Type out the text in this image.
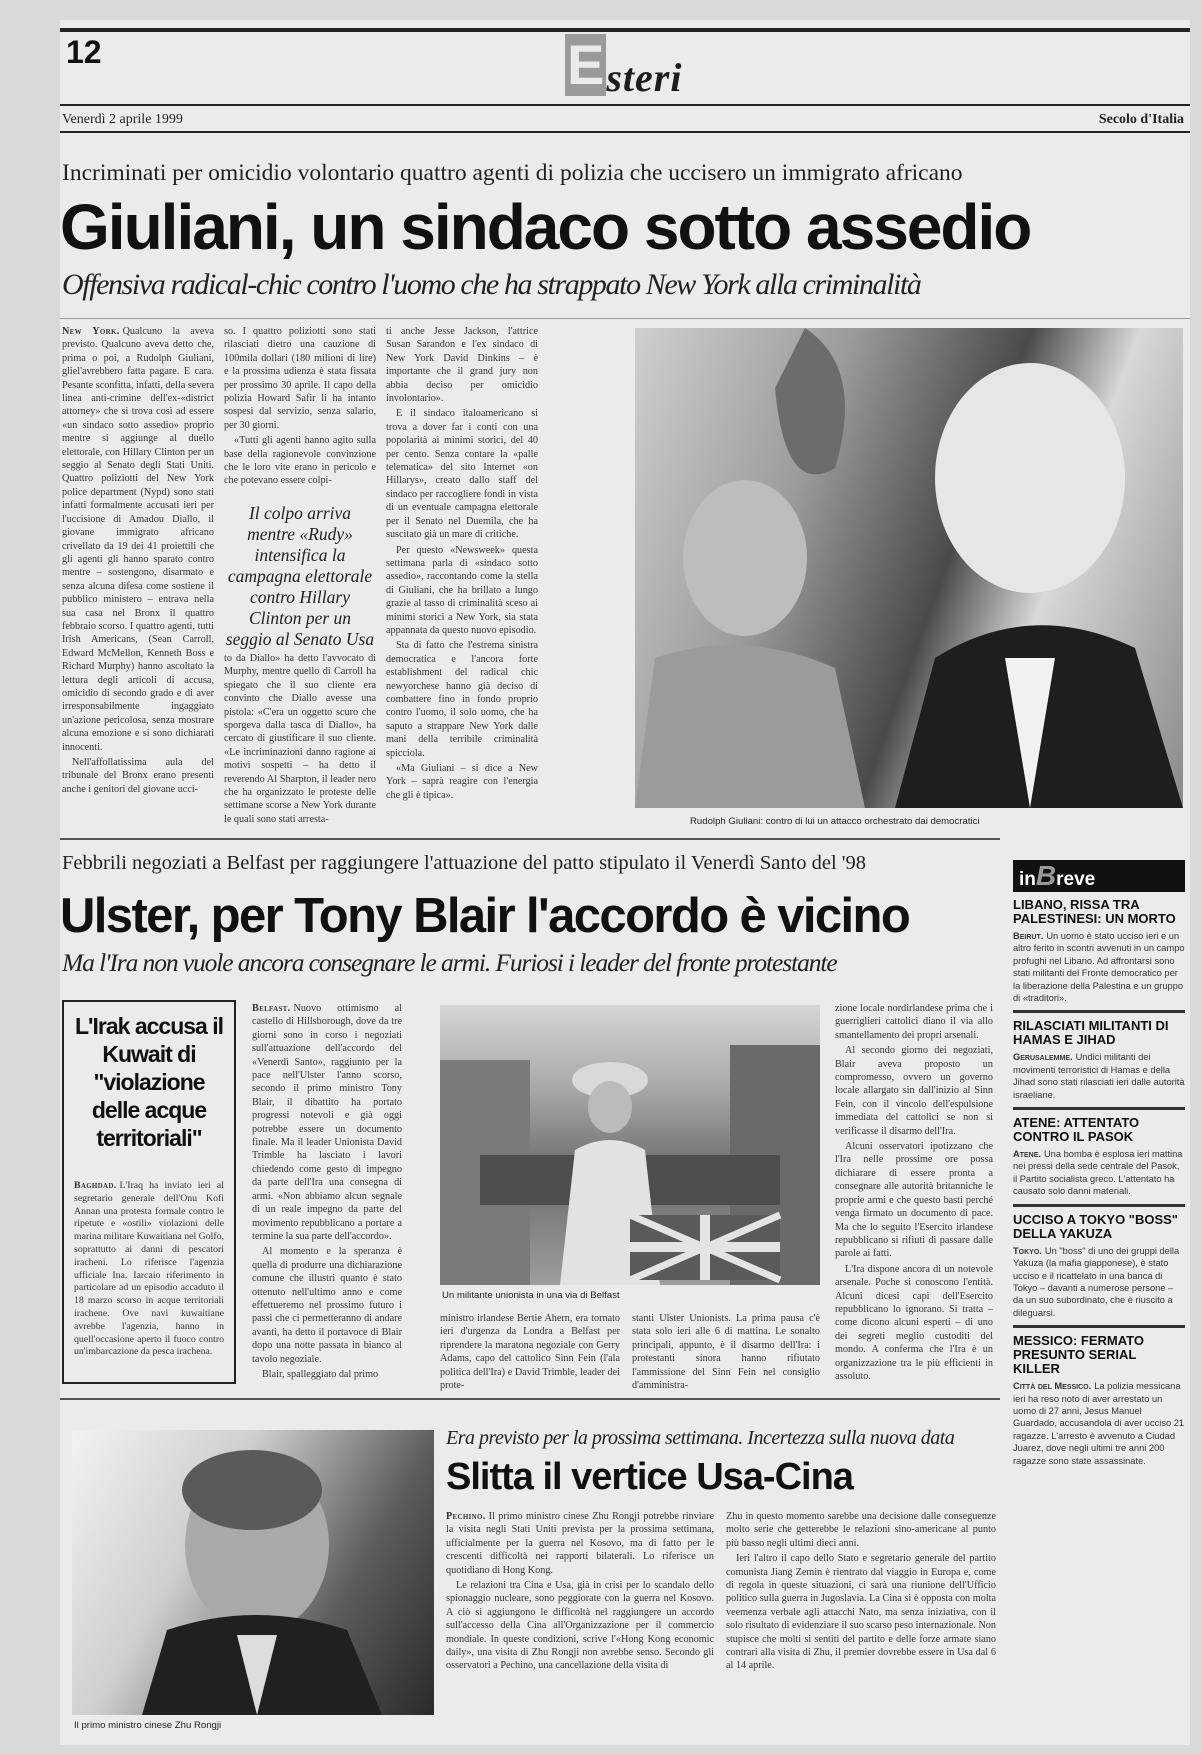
12	Esteri
Venerdì 2 aprile 1999	Secolo d'Italia
Incriminati per omicidio volontario quattro agenti di polizia che uccisero un immigrato africano
Giuliani, un sindaco sotto assedio
Offensiva radical-chic contro l'uomo che ha strappato New York alla criminalità

New York. Qualcuno la aveva previsto. Qualcuno aveva detto che, prima o poi, a Rudolph Giuliani, gliel'avrebbero fatta pagare. E cara. Pesante sconfitta, infatti, della severa linea anti-crimine dell'ex-«district attorney» che si trova così ad essere «un sindaco sotto assedio» proprio mentre si aggiunge al duello elettorale, con Hillary Clinton per un seggio al Senato degli Stati Uniti. Quattro poliziotti del New York police department (Nypd) sono stati infatti formalmente accusati ieri per l'uccisione di Amadou Diallo, il giovane immigrato africano crivellato da 19 dei 41 proiettili che gli agenti gli hanno sparato contro mentre – sostengono, disarmato e senza alcuna difesa come sostiene il pubblico ministero – entrava nella sua casa nel Bronx il quattro febbraio scorso. I quattro agenti, tutti Irish Americans, (Sean Carroll, Edward McMellon, Kenneth Boss e Richard Murphy) hanno ascoltato la lettura degli articoli di accusa, omicidio di secondo grado e di aver irresponsabilmente ingaggiato un'azione pericolosa, senza mostrare alcuna emozione e si sono dichiarati innocenti.

Nell'affollatissima aula del tribunale del Bronx erano presenti anche i genitori del giovane ucci-

so. I quattro poliziotti sono stati rilasciati dietro una cauzione di 100mila dollari (180 milioni di lire) e la prossima udienza è stata fissata per prossimo 30 aprile. Il capo della polizia Howard Safir li ha intanto sospesi dal servizio, senza salario, per 30 giorni.

«Tutti gli agenti hanno agito sulla base della ragionevole convinzione che le loro vite erano in pericolo e che potevano essere colpi-

Il colpo arriva mentre «Rudy» intensifica la campagna elettorale contro Hillary Clinton per un seggio al Senato Usa

to da Diallo» ha detto l'avvocato di Murphy, mentre quello di Carroll ha spiegato che il suo cliente era convinto che Diallo avesse una pistola: «C'era un oggetto scuro che sporgeva dalla tasca di Diallo», ha cercato di giustificare il suo cliente. «Le incriminazioni danno ragione ai motivi sospetti – ha detto il reverendo Al Sharpton, il leader nero che ha organizzato le proteste delle settimane scorse a New York durante le quali sono stati arresta-

ti anche Jesse Jackson, l'attrice Susan Sarandon e l'ex sindaco di New York David Dinkins – è importante che il grand jury non abbia deciso per omicidio involontario».

E il sindaco italoamericano si trova a dover far i conti con una popolarità ai minimi storici, del 40 per cento. Senza contare la «palle telematica» del sito Internet «on Hillarys», creato dallo staff del sindaco per raccogliere fondi in vista di un eventuale campagna elettorale per il Senato nel Duemila, che ha suscitato già un mare di critiche.

Per questo «Newsweek» questa settimana parla di «sindaco sotto assedio», raccontando come la stella di Giuliani, che ha brillato a lungo grazie al tasso di criminalità sceso ai minimi storici a New York, sia stata appannata da questo nuovo episodio.

Sta di fatto che l'estrema sinistra democratica e l'ancora forte establishment del radical chic newyorchese hanno già deciso di combattere fino in fondo proprio contro l'uomo, il solo uomo, che ha saputo a strappare New York dalle mani della terribile criminalità spicciola.

«Ma Giuliani – si dice a New York – saprà reagire con l'energia che gli è tipica».

Rudolph Giuliani: contro di lui un attacco orchestrato dai democratici
Febbrili negoziati a Belfast per raggiungere l'attuazione del patto stipulato il Venerdì Santo del '98
Ulster, per Tony Blair l'accordo è vicino
Ma l'Ira non vuole ancora consegnare le armi. Furiosi i leader del fronte protestante
L'Irak accusa il Kuwait di "violazione delle acque territoriali"

Baghdad. L'Iraq ha inviato ieri al segretario generale dell'Onu Kofi Annan una protesta formale contro le ripetute e «ostili» violazioni delle marina militare Kuwaitiana nel Golfo, soprattutto ai danni di pescatori iracheni. Lo riferisce l'agenzia ufficiale Ina. Iarcaio riferimento in particolare ad un episodio accaduto il 18 marzo scorso in acque territoriali irachene. Ove navi kuwaitiane avrebbe l'agenzia, hanno in quell'occasione aperto il fuoco contro un'imbarcazione da pesca irachena.

Belfast. Nuovo ottimismo al castello di Hillsborough, dove da tre giorni sono in corso i negoziati sull'attuazione dell'accordo del «Venerdì Santo», raggiunto per la pace nell'Ulster l'anno scorso, secondo il primo ministro Tony Blair, il dibattito ha portato progressi notevoli e già oggi potrebbe essere un documento finale. Ma il leader Unionista David Trimble ha lasciato i lavori chiedendo come gesto di impegno da parte dell'Ira una consegna di armi. «Non abbiamo alcun segnale di un reale impegno da parte del movimento repubblicano a portare a termine la sua parte dell'accordo».

Al momento e la speranza è quella di produrre una dichiarazione comune che illustri quanto è stato ottenuto nell'ultimo anno e come effettueremo nel prossimo futuro i passi che ci permetteranno di andare avanti, ha detto il portavoce di Blair dopo una notte passata in bianco al tavolo negoziale.

Blair, spalleggiato dal primo

Un militante unionista in una via di Belfast

ministro irlandese Bertie Ahern, era tornato ieri d'urgenza da Londra a Belfast per riprendere la maratona negoziale con Gerry Adams, capo del cattolico Sinn Fein (l'ala politica dell'Ira) e David Trimble, leader dei prote-

stanti Ulster Unionists. La prima pausa c'è stata solo ieri alle 6 di mattina. Le sonalto principali, appunto, è il disarmo dell'Ira: i protestanti sinora hanno rifiutato l'ammissione del Sinn Fein nel consiglio d'amministra-

zione locale nordirlandese prima che i guerriglieri cattolici diano il via allo smantellamento dei propri arsenali.

Al secondo giorno dei negoziati, Blair aveva proposto un compromesso, ovvero un governo locale allargato sin dall'inizio al Sinn Fein, con il vincolo dell'espulsione immediata del cattolici se non si verificasse il disarmo dell'Ira.

Alcuni osservatori ipotizzano che l'Ira nelle prossime ore possa dichiarare di essere pronta a consegnare alle autorità britanniche le proprie armi e che questo basti perché venga firmato un documento di pace. Ma che lo seguito l'Esercito irlandese repubblicano si rifiuti di passare dalle parole ai fatti.

L'Ira dispone ancora di un notevole arsenale. Poche si conoscono l'entità. Alcuni dicesi capi dell'Esercito repubblicano lo ignorano. Si tratta – come dicono alcuni esperti – di uno dei segreti meglio custoditi del mondo. A conferma che l'Ira è un organizzazione tra le più efficienti in assoluto.

inBreve
LIBANO, RISSA TRA PALESTINESI: UN MORTO

Beirut. Un uomo è stato ucciso ieri e un altro ferito in scontri avvenuti in un campo profughi nel Libano. Ad affrontarsi sono stati militanti del Fronte democratico per la liberazione della Palestina e un gruppo di «traditori».

RILASCIATI MILITANTI DI HAMAS E JIHAD

Gerusalemme. Undici militanti dei movimenti terroristici di Hamas e della Jihad sono stati rilasciati ieri dalle autorità israeliane.

ATENE: ATTENTATO CONTRO IL PASOK

Atene. Una bomba è esplosa ieri mattina nei pressi della sede centrale del Pasok, il Partito socialista greco. L'attentato ha causato solo danni materiali.

UCCISO A TOKYO "BOSS" DELLA YAKUZA

Tokyo. Un "boss" di uno dei gruppi della Yakuza (la mafia giapponese), è stato ucciso e il ricattelato in una banca di Tokyo – davanti a numerose persone – da un suo subordinato, che è riuscito a dileguarsi.

MESSICO: FERMATO PRESUNTO SERIAL KILLER

Città del Messico. La polizia messicana ieri ha reso noto di aver arrestato un uomo di 27 anni, Jesus Manuel Guardado, accusandola di aver ucciso 21 ragazze. L'arresto è avvenuto a Ciudad Juarez, dove negli ultimi tre anni 200 ragazze sono state assassinate.

Il primo ministro cinese Zhu Rongji
Era previsto per la prossima settimana. Incertezza sulla nuova data
Slitta il vertice Usa-Cina

Pechino. Il primo ministro cinese Zhu Rongji potrebbe rinviare la visita negli Stati Uniti prevista per la prossima settimana, ufficialmente per la guerra nel Kosovo, ma di fatto per le crescenti difficoltà nei rapporti bilaterali. Lo riferisce un quotidiano di Hong Kong.

Le relazioni tra Cina e Usa, già in crisi per lo scandalo dello spionaggio nucleare, sono peggiorate con la guerra nel Kosovo. A ciò si aggiungono le difficoltà nel raggiungere un accordo sull'accesso della Cina all'Organizzazione per il commercio mondiale. In queste condizioni, scrive l'«Hong Kong economic daily», una visita di Zhu Rongji non avrebbe senso. Secondo gli osservatori a Pechino, una cancellazione della visita di

Zhu in questo momento sarebbe una decisione dalle conseguenze molto serie che getterebbe le relazioni sino-americane al punto più basso negli ultimi dieci anni.

Ieri l'altro il capo dello Stato e segretario generale del partito comunista Jiang Zemin è rientrato dal viaggio in Europa e, come di regola in queste situazioni, ci sarà una riunione dell'Ufficio politico sulla guerra in Jugoslavia. La Cina si è opposta con molta veemenza verbale agli attacchi Nato, ma senza iniziativa, con il solo risultato di evidenziare il suo scarso peso internazionale. Non stupisce che molti si sentiti del partito e delle forze armate siano contrari alla visita di Zhu, il premier dovrebbe essere in Usa dal 6 al 14 aprile.
